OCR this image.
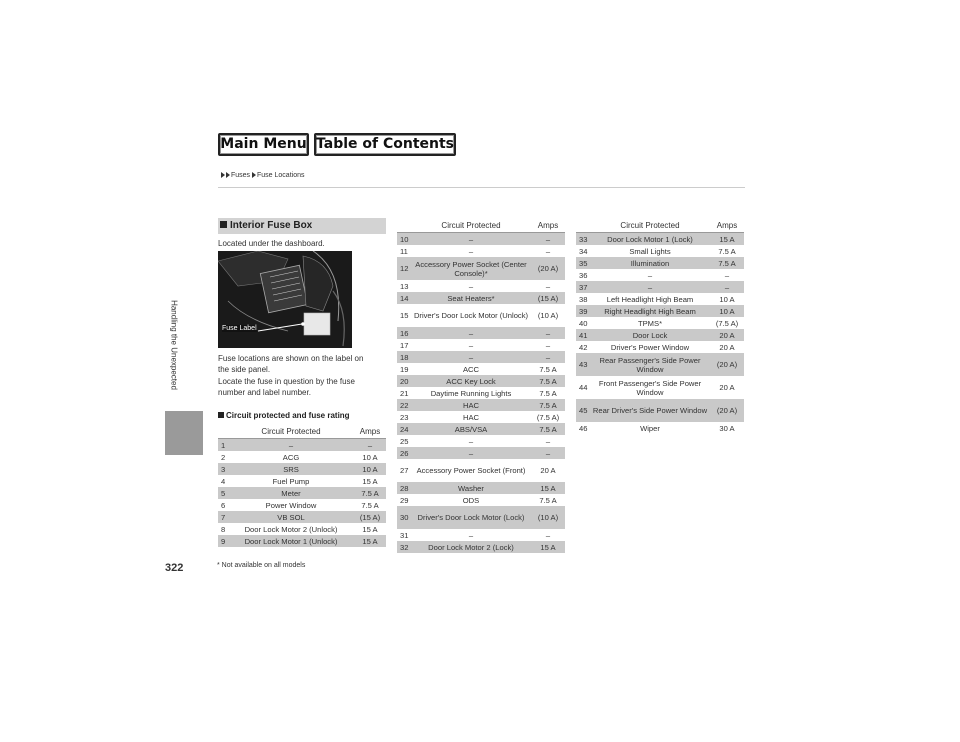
Main Menu Table of Contents
Fuses Fuse Locations
Handling the Unexpected
322	* Not available on all models
Interior Fuse Box
Located under the dashboard.
Fuse Label
Fuse locations are shown on the label on
the side panel.
Locate the fuse in question by the fuse
number and label number.
Circuit protected and fuse rating
	Circuit Protected	Amps
1	–	–
2	ACG	10 A
3	SRS	10 A
4	Fuel Pump	15 A
5	Meter	7.5 A
6	Power Window	7.5 A
7	VB SOL	(15 A)
8	Door Lock Motor 2 (Unlock)	15 A
9	Door Lock Motor 1 (Unlock)	15 A
	Circuit Protected	Amps
10	–	–
11	–	–
12	Accessory Power Socket (Center Console)*	(20 A)
13	–	–
14	Seat Heaters*	(15 A)
15	Driver's Door Lock Motor (Unlock)	(10 A)
16	–	–
17	–	–
18	–	–
19	ACC	7.5 A
20	ACC Key Lock	7.5 A
21	Daytime Running Lights	7.5 A
22	HAC	7.5 A
23	HAC	(7.5 A)
24	ABS/VSA	7.5 A
25	–	–
26	–	–
27	Accessory Power Socket (Front)	20 A
28	Washer	15 A
29	ODS	7.5 A
30	Driver's Door Lock Motor (Lock)	(10 A)
31	–	–
32	Door Lock Motor 2 (Lock)	15 A
	Circuit Protected	Amps
33	Door Lock Motor 1 (Lock)	15 A
34	Small Lights	7.5 A
35	Illumination	7.5 A
36	–	–
37	–	–
38	Left Headlight High Beam	10 A
39	Right Headlight High Beam	10 A
40	TPMS*	(7.5 A)
41	Door Lock	20 A
42	Driver's Power Window	20 A
43	Rear Passenger's Side Power Window	(20 A)
44	Front Passenger's Side Power Window	20 A
45	Rear Driver's Side Power Window	(20 A)
46	Wiper	30 A
